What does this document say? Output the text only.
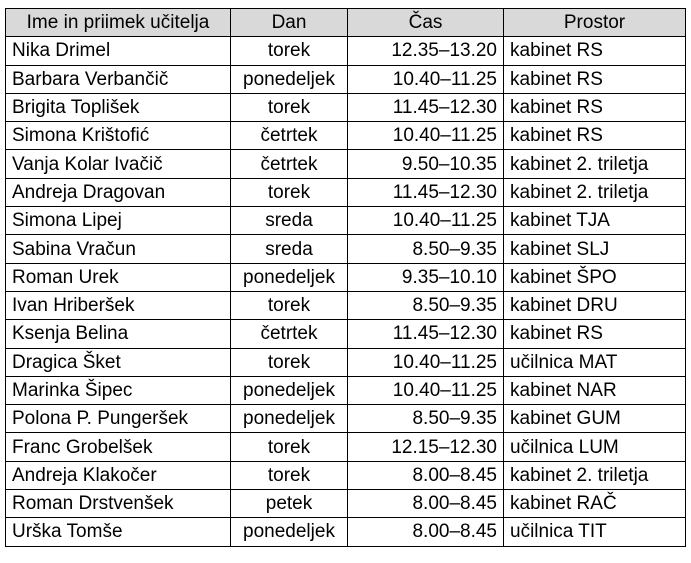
Ime in priimek učitelja	Dan	Čas	Prostor
Nika Drimel	torek	12.35–13.20	kabinet RS
Barbara Verbančič	ponedeljek	10.40–11.25	kabinet RS
Brigita Toplišek	torek	11.45–12.30	kabinet RS
Simona Krištofić	četrtek	10.40–11.25	kabinet RS
Vanja Kolar Ivačič	četrtek	9.50–10.35	kabinet 2. triletja
Andreja Dragovan	torek	11.45–12.30	kabinet 2. triletja
Simona Lipej	sreda	10.40–11.25	kabinet TJA
Sabina Vračun	sreda	8.50–9.35	kabinet SLJ
Roman Urek	ponedeljek	9.35–10.10	kabinet ŠPO
Ivan Hriberšek	torek	8.50–9.35	kabinet DRU
Ksenja Belina	četrtek	11.45–12.30	kabinet RS
Dragica Šket	torek	10.40–11.25	učilnica MAT
Marinka Šipec	ponedeljek	10.40–11.25	kabinet NAR
Polona P. Pungeršek	ponedeljek	8.50–9.35	kabinet GUM
Franc Grobelšek	torek	12.15–12.30	učilnica LUM
Andreja Klakočer	torek	8.00–8.45	kabinet 2. triletja
Roman Drstvenšek	petek	8.00–8.45	kabinet RAČ
Urška Tomše	ponedeljek	8.00–8.45	učilnica TIT
